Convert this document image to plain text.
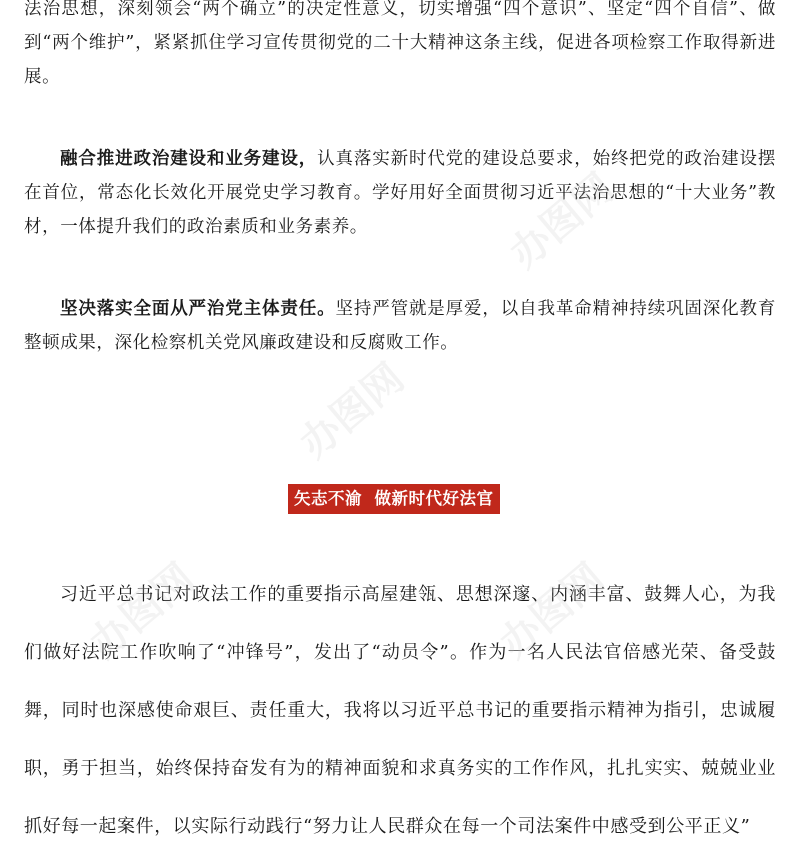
法治思想，深刻领会“两个确立”的决定性意义，切实增强“四个意识”、坚定“四个自信”、做到“两个维护”，紧紧抓住学习宣传贯彻党的二十大精神这条主线，促进各项检察工作取得新进展。

融合推进政治建设和业务建设，认真落实新时代党的建设总要求，始终把党的政治建设摆在首位，常态化长效化开展党史学习教育。学好用好全面贯彻习近平法治思想的“十大业务”教材，一体提升我们的政治素质和业务素养。

坚决落实全面从严治党主体责任。坚持严管就是厚爱，以自我革命精神持续巩固深化教育整顿成果，深化检察机关党风廉政建设和反腐败工作。

矢志不渝  做新时代好法官

习近平总书记对政法工作的重要指示高屋建瓴、思想深邃、内涵丰富、鼓舞人心，为我们做好法院工作吹响了“冲锋号”，发出了“动员令”。作为一名人民法官倍感光荣、备受鼓舞，同时也深感使命艰巨、责任重大，我将以习近平总书记的重要指示精神为指引，忠诚履职，勇于担当，始终保持奋发有为的精神面貌和求真务实的工作作风，扎扎实实、兢兢业业抓好每一起案件，以实际行动践行“努力让人民群众在每一个司法案件中感受到公平正义”

办图网
办图网
办图网	办图网
